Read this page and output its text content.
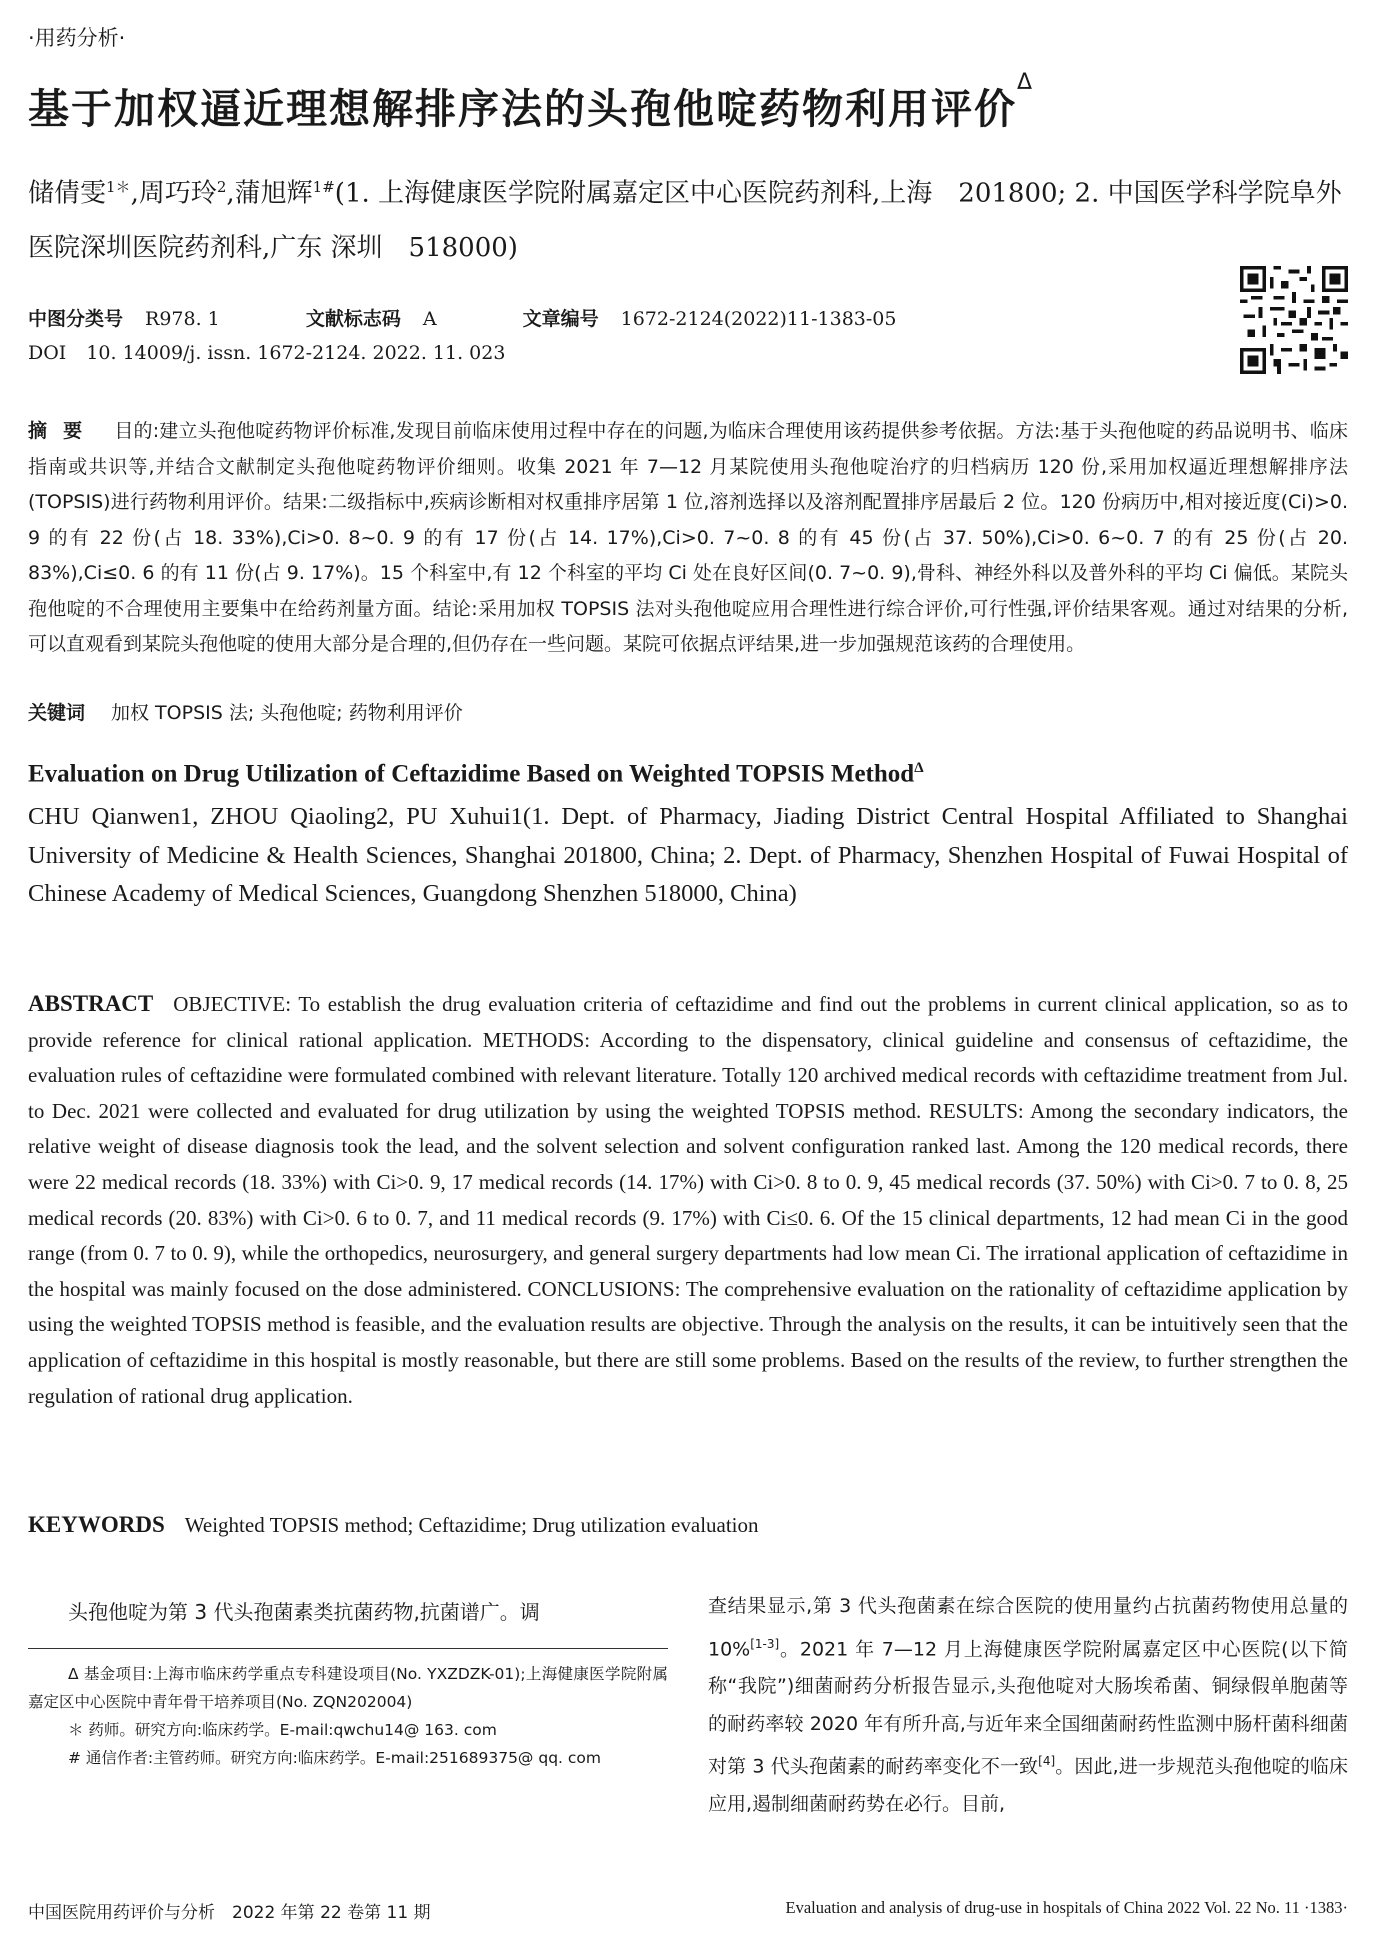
·用药分析·
基于加权逼近理想解排序法的头孢他啶药物利用评价$^\Delta$
储倩雯$^{1*}$,周巧玲$^2$,蒲旭辉$^{1\#}$(1. 上海健康医学院附属嘉定区中心医院药剂科,上海　201800; 2. 中国医学科学院阜外医院深圳医院药剂科,广东 深圳　518000)
中图分类号 R978. 1	文献标志码 A	文章编号 1672-2124(2022)11-1383-05
DOI 10. 14009/j. issn. 1672-2124. 2022. 11. 023
摘要 目的:建立头孢他啶药物评价标准,发现目前临床使用过程中存在的问题,为临床合理使用该药提供参考依据。方法:基于头孢他啶的药品说明书、临床指南或共识等,并结合文献制定头孢他啶药物评价细则。收集 2021 年 7—12 月某院使用头孢他啶治疗的归档病历 120 份,采用加权逼近理想解排序法(TOPSIS)进行药物利用评价。结果:二级指标中,疾病诊断相对权重排序居第 1 位,溶剂选择以及溶剂配置排序居最后 2 位。120 份病历中,相对接近度(Ci)>0. 9 的有 22 份(占 18. 33%),Ci>0. 8~0. 9 的有 17 份(占 14. 17%),Ci>0. 7~0. 8 的有 45 份(占 37. 50%),Ci>0. 6~0. 7 的有 25 份(占 20. 83%),Ci≤0. 6 的有 11 份(占 9. 17%)。15 个科室中,有 12 个科室的平均 Ci 处在良好区间(0. 7~0. 9),骨科、神经外科以及普外科的平均 Ci 偏低。某院头孢他啶的不合理使用主要集中在给药剂量方面。结论:采用加权 TOPSIS 法对头孢他啶应用合理性进行综合评价,可行性强,评价结果客观。通过对结果的分析,可以直观看到某院头孢他啶的使用大部分是合理的,但仍存在一些问题。某院可依据点评结果,进一步加强规范该药的合理使用。
关键词 加权 TOPSIS 法; 头孢他啶; 药物利用评价
Evaluation on Drug Utilization of Ceftazidime Based on Weighted TOPSIS Method$^\Delta$
CHU Qianwen1, ZHOU Qiaoling2, PU Xuhui1(1. Dept. of Pharmacy, Jiading District Central Hospital Affiliated to Shanghai University of Medicine & Health Sciences, Shanghai 201800, China; 2. Dept. of Pharmacy, Shenzhen Hospital of Fuwai Hospital of Chinese Academy of Medical Sciences, Guangdong Shenzhen 518000, China)
ABSTRACT OBJECTIVE: To establish the drug evaluation criteria of ceftazidime and find out the problems in current clinical application, so as to provide reference for clinical rational application. METHODS: According to the dispensatory, clinical guideline and consensus of ceftazidime, the evaluation rules of ceftazidine were formulated combined with relevant literature. Totally 120 archived medical records with ceftazidime treatment from Jul. to Dec. 2021 were collected and evaluated for drug utilization by using the weighted TOPSIS method. RESULTS: Among the secondary indicators, the relative weight of disease diagnosis took the lead, and the solvent selection and solvent configuration ranked last. Among the 120 medical records, there were 22 medical records (18. 33%) with Ci>0. 9, 17 medical records (14. 17%) with Ci>0. 8 to 0. 9, 45 medical records (37. 50%) with Ci>0. 7 to 0. 8, 25 medical records (20. 83%) with Ci>0. 6 to 0. 7, and 11 medical records (9. 17%) with Ci≤0. 6. Of the 15 clinical departments, 12 had mean Ci in the good range (from 0. 7 to 0. 9), while the orthopedics, neurosurgery, and general surgery departments had low mean Ci. The irrational application of ceftazidime in the hospital was mainly focused on the dose administered. CONCLUSIONS: The comprehensive evaluation on the rationality of ceftazidime application by using the weighted TOPSIS method is feasible, and the evaluation results are objective. Through the analysis on the results, it can be intuitively seen that the application of ceftazidime in this hospital is mostly reasonable, but there are still some problems. Based on the results of the review, to further strengthen the regulation of rational drug application.
KEYWORDS Weighted TOPSIS method; Ceftazidime; Drug utilization evaluation
头孢他啶为第 3 代头孢菌素类抗菌药物,抗菌谱广。调

Δ 基金项目:上海市临床药学重点专科建设项目(No. YXZDZK-01);上海健康医学院附属嘉定区中心医院中青年骨干培养项目(No. ZQN202004)

＊ 药师。研究方向:临床药学。E-mail:qwchu14@ 163. com

# 通信作者:主管药师。研究方向:临床药学。E-mail:251689375@ qq. com

查结果显示,第 3 代头孢菌素在综合医院的使用量约占抗菌药物使用总量的 10%[1-3]。2021 年 7—12 月上海健康医学院附属嘉定区中心医院(以下简称“我院”)细菌耐药分析报告显示,头孢他啶对大肠埃希菌、铜绿假单胞菌等的耐药率较 2020 年有所升高,与近年来全国细菌耐药性监测中肠杆菌科细菌对第 3 代头孢菌素的耐药率变化不一致[4]。因此,进一步规范头孢他啶的临床应用,遏制细菌耐药势在必行。目前,
中国医院用药评价与分析　2022 年第 22 卷第 11 期	Evaluation and analysis of drug-use in hospitals of China 2022 Vol. 22 No. 11 ·1383·
